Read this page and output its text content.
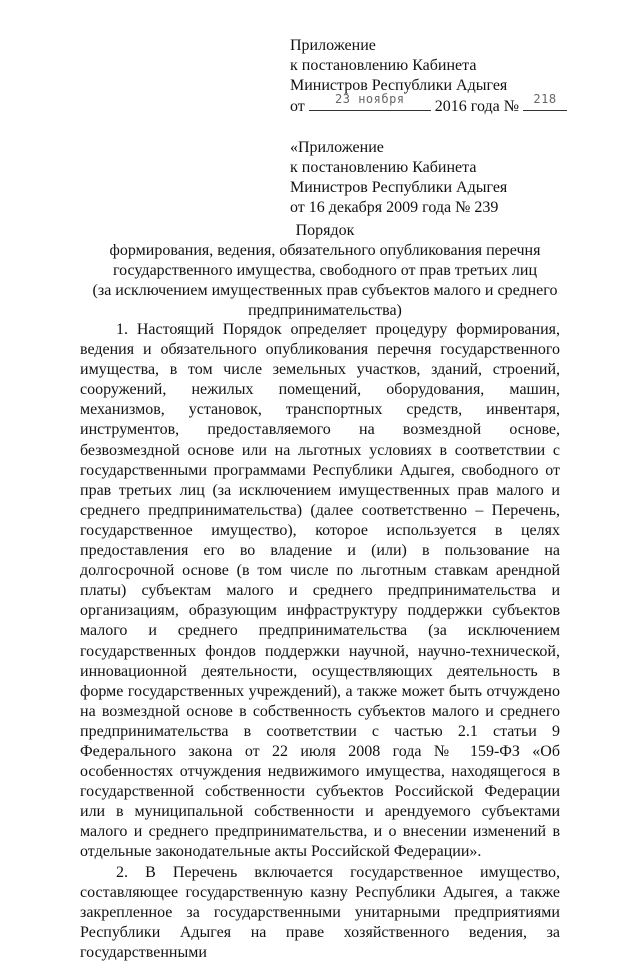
Приложение
к постановлению Кабинета
Министров Республики Адыгея
от	23 ноября	2016 года №	218
«Приложение
к постановлению Кабинета
Министров Республики Адыгея
от 16 декабря 2009 года № 239
Порядок
формирования, ведения, обязательного опубликования перечня
государственного имущества, свободного от прав третьих лиц
(за исключением имущественных прав субъектов малого и среднего
предпринимательства)

1. Настоящий Порядок определяет процедуру формирования, ведения и обязательного опубликования перечня государственного имущества, в том числе земельных участков, зданий, строений, сооружений, нежилых помещений, оборудования, машин, механизмов, установок, транспортных средств, инвентаря, инструментов, предоставляемого на возмездной основе, безвозмездной основе или на льготных условиях в соответствии с государственными программами Республики Адыгея, свободного от прав третьих лиц (за исключением имущественных прав малого и среднего предпринимательства) (далее соответственно – Перечень, государственное имущество), которое используется в целях предоставления его во владение и (или) в пользование на долгосрочной основе (в том числе по льготным ставкам арендной платы) субъектам малого и среднего предпринимательства и организациям, образующим инфраструктуру поддержки субъектов малого и среднего предпринимательства (за исключением государственных фондов поддержки научной, научно-технической, инновационной деятельности, осуществляющих деятельность в форме государственных учреждений), а также может быть отчуждено на возмездной основе в собственность субъектов малого и среднего предпринимательства в соответствии с частью 2.1 статьи 9 Федерального закона от 22 июля 2008 года № 159-ФЗ «Об особенностях отчуждения недвижимого имущества, находящегося в государственной собственности субъектов Российской Федерации или в муниципальной собственности и арендуемого субъектами малого и среднего предпринимательства, и о внесении изменений в отдельные законодательные акты Российской Федерации».

2. В Перечень включается государственное имущество, составляющее государственную казну Республики Адыгея, а также закрепленное за государственными унитарными предприятиями Республики Адыгея на праве хозяйственного ведения, за государственными
